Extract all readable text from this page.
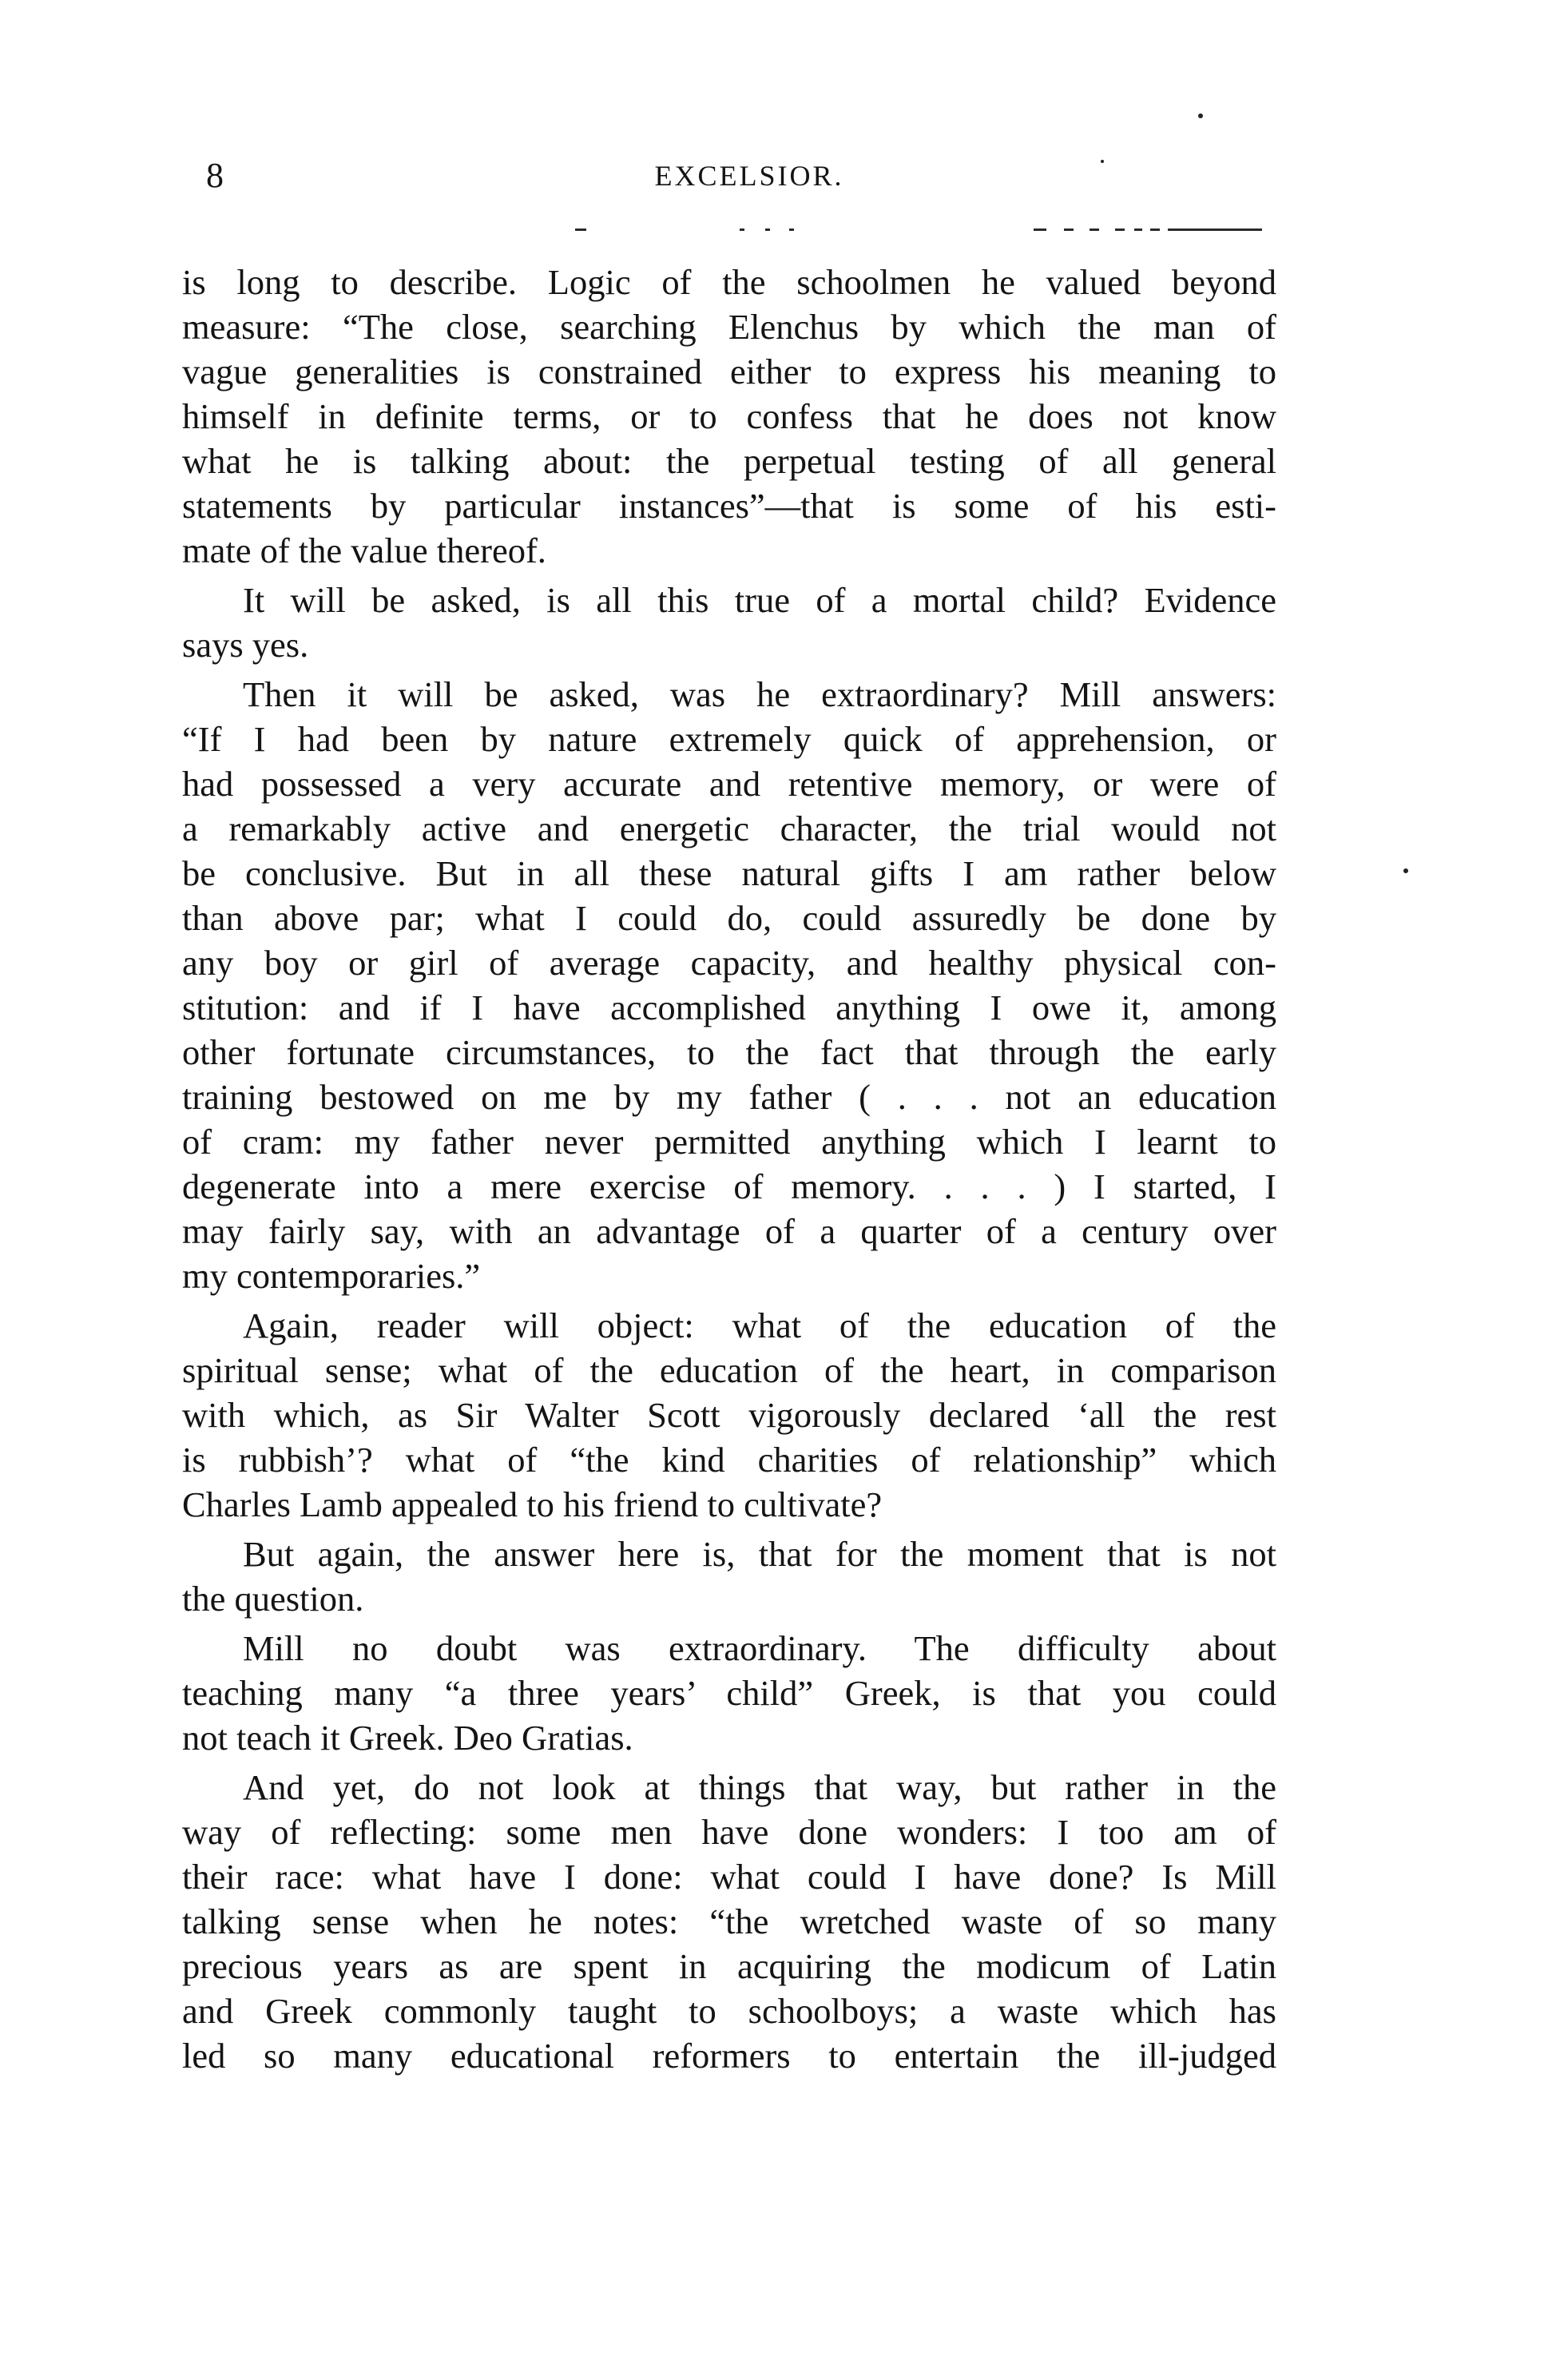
8	EXCELSIOR.
is long to describe. Logic of the schoolmen he valued beyond
measure: “The close, searching Elenchus by which the man of
vague generalities is constrained either to express his meaning to
himself in definite terms, or to confess that he does not know
what he is talking about: the perpetual testing of all general
statements by particular instances”—that is some of his esti-
mate of the value thereof.
It will be asked, is all this true of a mortal child? Evidence
says yes.
Then it will be asked, was he extraordinary? Mill answers:
“If I had been by nature extremely quick of apprehension, or
had possessed a very accurate and retentive memory, or were of
a remarkably active and energetic character, the trial would not
be conclusive. But in all these natural gifts I am rather below
than above par; what I could do, could assuredly be done by
any boy or girl of average capacity, and healthy physical con-
stitution: and if I have accomplished anything I owe it, among
other fortunate circumstances, to the fact that through the early
training bestowed on me by my father ( . . . not an education
of cram: my father never permitted anything which I learnt to
degenerate into a mere exercise of memory. . . . ) I started, I
may fairly say, with an advantage of a quarter of a century over
my contemporaries.”
Again, reader will object: what of the education of the
spiritual sense; what of the education of the heart, in comparison
with which, as Sir Walter Scott vigorously declared ‘all the rest
is rubbish’? what of “the kind charities of relationship” which
Charles Lamb appealed to his friend to cultivate?
But again, the answer here is, that for the moment that is not
the question.
Mill no doubt was extraordinary. The difficulty about
teaching many “a three years’ child” Greek, is that you could
not teach it Greek. Deo Gratias.
And yet, do not look at things that way, but rather in the
way of reflecting: some men have done wonders: I too am of
their race: what have I done: what could I have done? Is Mill
talking sense when he notes: “the wretched waste of so many
precious years as are spent in acquiring the modicum of Latin
and Greek commonly taught to schoolboys; a waste which has
led so many educational reformers to entertain the ill-judged
